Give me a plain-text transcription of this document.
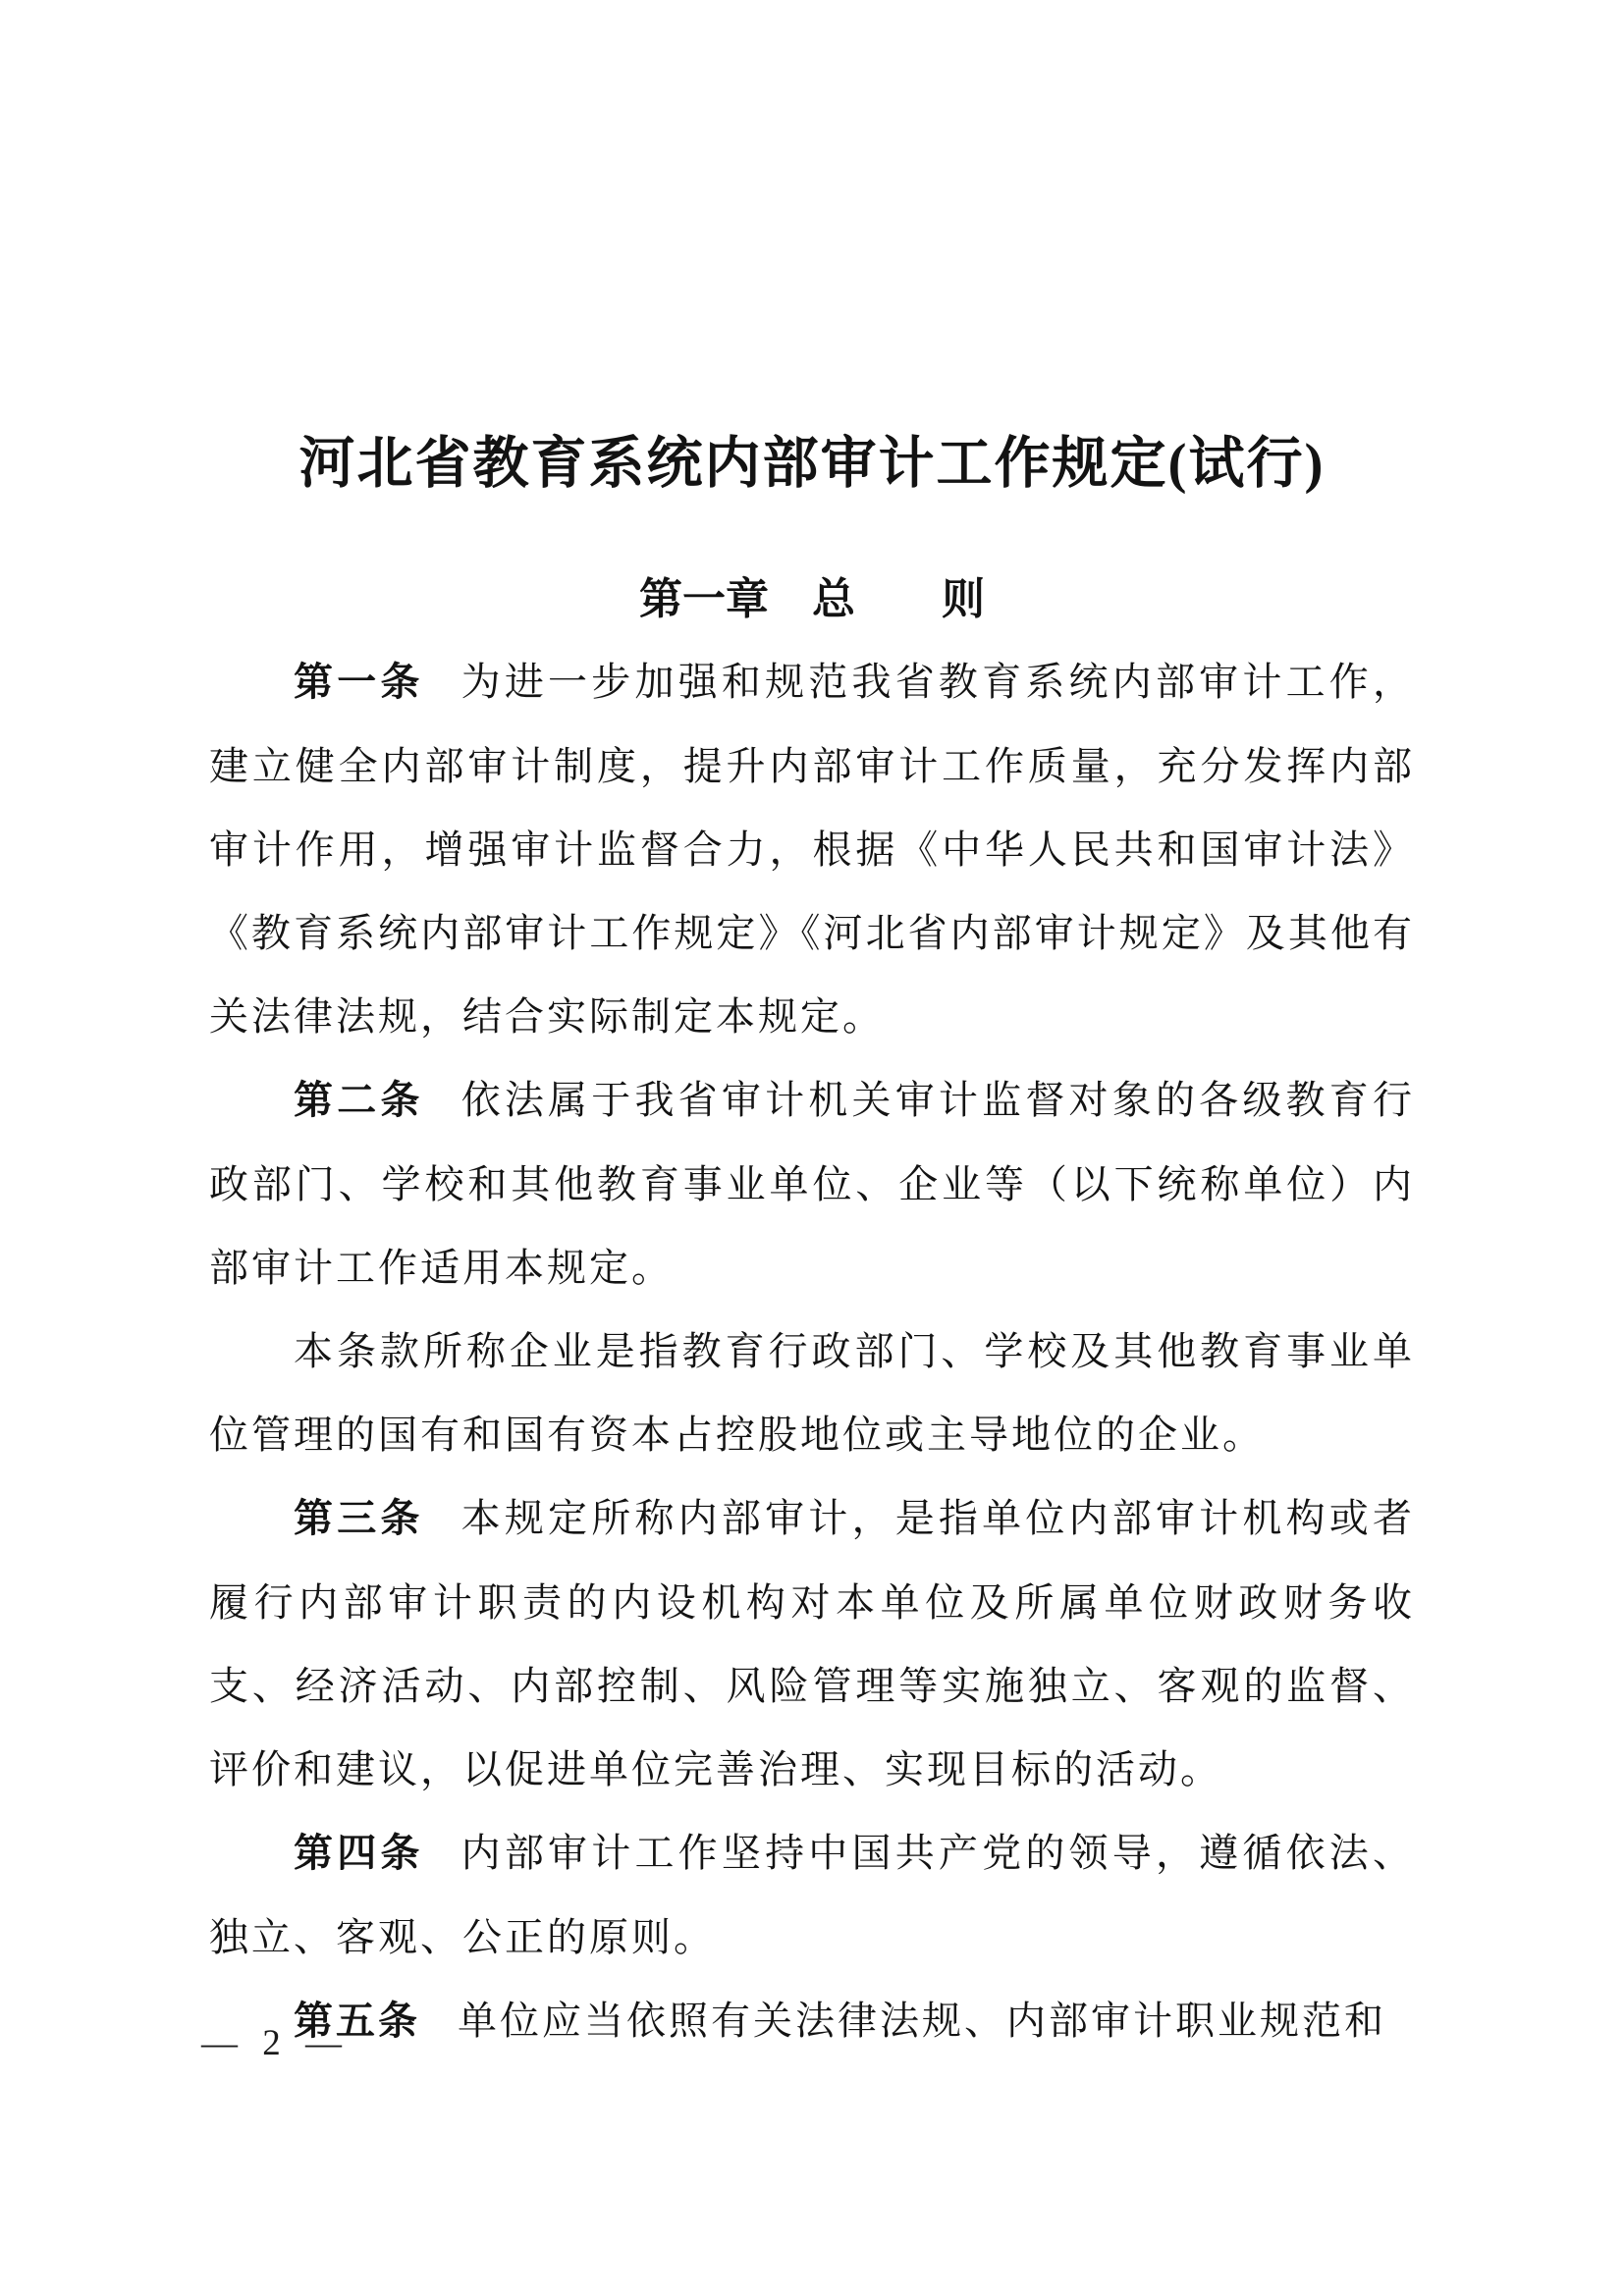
河北省教育系统内部审计工作规定(试行)
第一章　总　　则

第一条 为进一步加强和规范我省教育系统内部审计工作，建立健全内部审计制度，提升内部审计工作质量，充分发挥内部审计作用，增强审计监督合力，根据《中华人民共和国审计法》《教育系统内部审计工作规定》《河北省内部审计规定》及其他有关法律法规，结合实际制定本规定。

第二条 依法属于我省审计机关审计监督对象的各级教育行政部门、学校和其他教育事业单位、企业等（以下统称单位）内部审计工作适用本规定。

本条款所称企业是指教育行政部门、学校及其他教育事业单位管理的国有和国有资本占控股地位或主导地位的企业。

第三条 本规定所称内部审计，是指单位内部审计机构或者履行内部审计职责的内设机构对本单位及所属单位财政财务收支、经济活动、内部控制、风险管理等实施独立、客观的监督、评价和建议，以促进单位完善治理、实现目标的活动。

第四条 内部审计工作坚持中国共产党的领导，遵循依法、独立、客观、公正的原则。

第五条 单位应当依照有关法律法规、内部审计职业规范和

— 2 —
